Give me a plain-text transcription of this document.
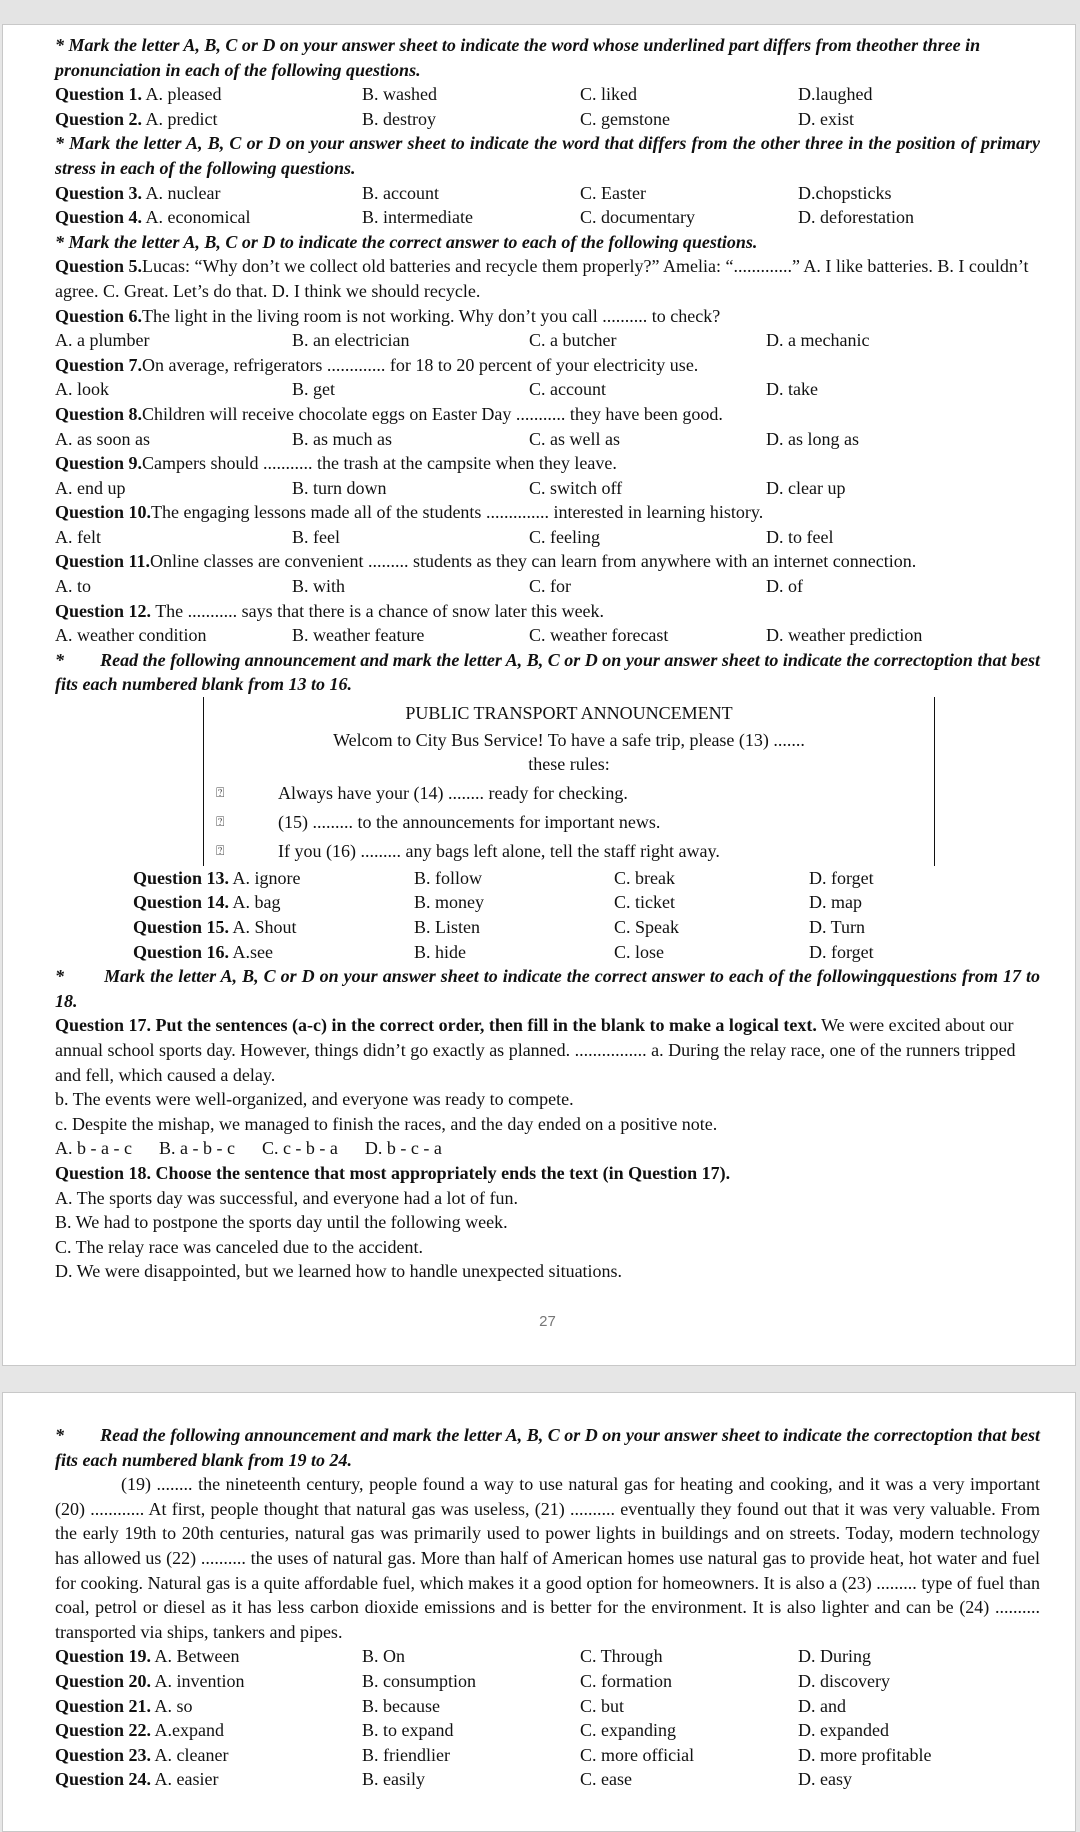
* Mark the letter A, B, C or D on your answer sheet to indicate the word whose underlined part differs from theother three in pronunciation in each of the following questions.
Question 1. A. pleased	B. washed	C. liked	D.laughed
Question 2. A. predict	B. destroy	C. gemstone	D. exist
* Mark the letter A, B, C or D on your answer sheet to indicate the word that differs from the other three in the position of primary stress in each of the following questions.
Question 3. A. nuclear	B. account	C. Easter	D.chopsticks
Question 4. A. economical	B. intermediate	C. documentary	D. deforestation
* Mark the letter A, B, C or D to indicate the correct answer to each of the following questions.
Question 5.Lucas: “Why don’t we collect old batteries and recycle them properly?” Amelia: “.............” A. I like batteries. B. I couldn’t agree. C. Great. Let’s do that. D. I think we should recycle.
Question 6.The light in the living room is not working. Why don’t you call .......... to check?
A. a plumber	B. an electrician	C. a butcher	D. a mechanic
Question 7.On average, refrigerators ............. for 18 to 20 percent of your electricity use.
A. look	B. get	C. account	D. take
Question 8.Children will receive chocolate eggs on Easter Day ........... they have been good.
A. as soon as	B. as much as	C. as well as	D. as long as
Question 9.Campers should ........... the trash at the campsite when they leave.
A. end up	B. turn down	C. switch off	D. clear up
Question 10.The engaging lessons made all of the students .............. interested in learning history.
A. felt	B. feel	C. feeling	D. to feel
Question 11.Online classes are convenient ......... students as they can learn from anywhere with an internet connection.
A. to	B. with	C. for	D. of
Question 12. The ........... says that there is a chance of snow later this week.
A. weather condition	B. weather feature	C. weather forecast	D. weather prediction
*        Read the following announcement and mark the letter A, B, C or D on your answer sheet to indicate the correctoption that best fits each numbered blank from 13 to 16.
PUBLIC TRANSPORT ANNOUNCEMENT
Welcom to City Bus Service! To have a safe trip, please (13) ....... these rules:
⍰	Always have your (14) ........ ready for checking.
⍰	(15) ......... to the announcements for important news.
⍰	If you (16) ......... any bags left alone, tell the staff right away.
Question 13. A. ignore	B. follow	C. break	D. forget
Question 14. A. bag	B. money	C. ticket	D. map
Question 15. A. Shout	B. Listen	C. Speak	D. Turn
Question 16. A.see	B. hide	C. lose	D. forget
*        Mark the letter A, B, C or D on your answer sheet to indicate the correct answer to each of the followingquestions from 17 to 18.
Question 17. Put the sentences (a-c) in the correct order, then fill in the blank to make a logical text. We were excited about our annual school sports day. However, things didn’t go exactly as planned. ................ a. During the relay race, one of the runners tripped and fell, which caused a delay.
b. The events were well-organized, and everyone was ready to compete.
c. Despite the mishap, we managed to finish the races, and the day ended on a positive note.
A. b - a - c      B. a - b - c      C. c - b - a      D. b - c - a
Question 18. Choose the sentence that most appropriately ends the text (in Question 17).
A. The sports day was successful, and everyone had a lot of fun.
B. We had to postpone the sports day until the following week.
C. The relay race was canceled due to the accident.
D. We were disappointed, but we learned how to handle unexpected situations.
27
*        Read the following announcement and mark the letter A, B, C or D on your answer sheet to indicate the correctoption that best fits each numbered blank from 19 to 24.
(19) ........ the nineteenth century, people found a way to use natural gas for heating and cooking, and it was a very important (20) ............ At first, people thought that natural gas was useless, (21) .......... eventually they found out that it was very valuable. From the early 19th to 20th centuries, natural gas was primarily used to power lights in buildings and on streets. Today, modern technology has allowed us (22) .......... the uses of natural gas. More than half of American homes use natural gas to provide heat, hot water and fuel for cooking. Natural gas is a quite affordable fuel, which makes it a good option for homeowners. It is also a (23) ......... type of fuel than coal, petrol or diesel as it has less carbon dioxide emissions and is better for the environment. It is also lighter and can be (24) .......... transported via ships, tankers and pipes.
Question 19. A. Between	B. On	C. Through	D. During
Question 20. A. invention	B. consumption	C. formation	D. discovery
Question 21. A. so	B. because	C. but	D. and
Question 22. A.expand	B. to expand	C. expanding	D. expanded
Question 23. A. cleaner	B. friendlier	C. more official	D. more profitable
Question 24. A. easier	B. easily	C. ease	D. easy
